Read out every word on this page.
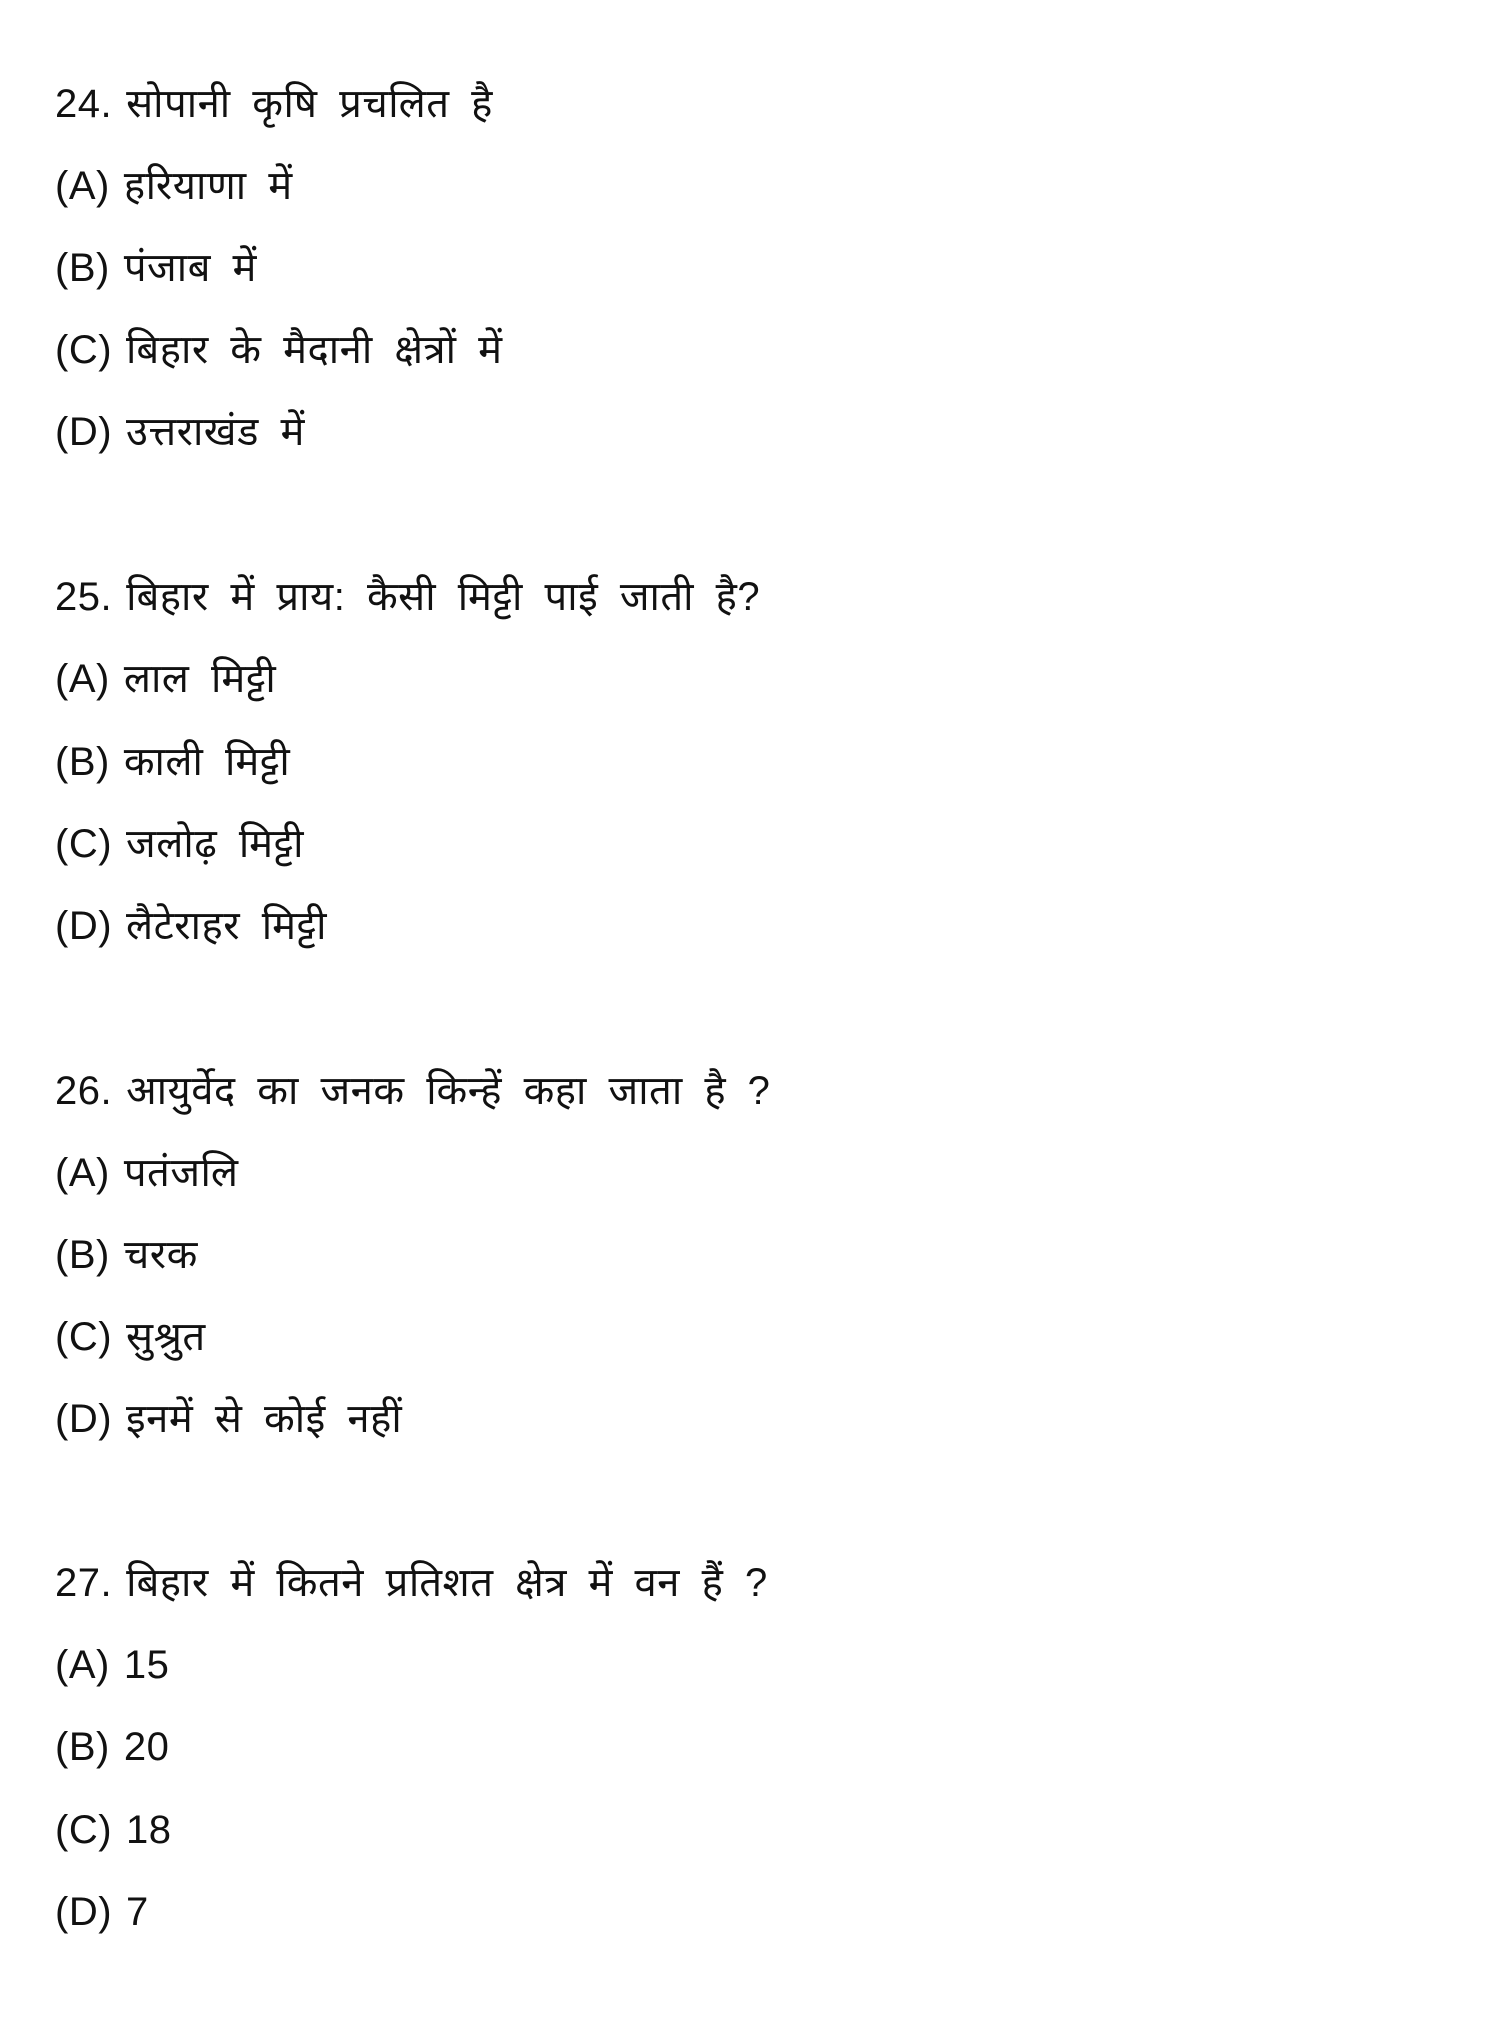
24. सोपानी कृषि प्रचलित है
(A) हरियाणा में
(B) पंजाब में
(C) बिहार के मैदानी क्षेत्रों में
(D) उत्तराखंड में
25. बिहार में प्राय: कैसी मिट्टी पाई जाती है?
(A) लाल मिट्टी
(B) काली मिट्टी
(C) जलोढ़ मिट्टी
(D) लैटेराहर मिट्टी
26. आयुर्वेद का जनक किन्हें कहा जाता है ?
(A) पतंजलि
(B) चरक
(C) सुश्रुत
(D) इनमें से कोई नहीं
27. बिहार में कितने प्रतिशत क्षेत्र में वन हैं ?
(A) 15
(B) 20
(C) 18
(D) 7
